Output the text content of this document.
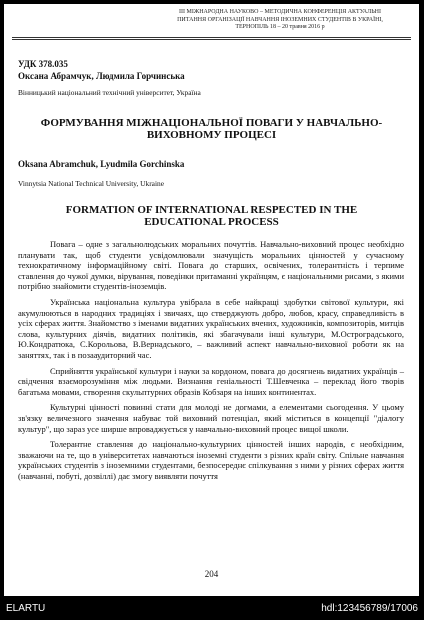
ІІІ МІЖНАРОДНА НАУКОВО – МЕТОДИЧНА КОНФЕРЕНЦІЯ АКТУАЛЬНІ
ПИТАННЯ ОРГАНІЗАЦІЇ НАВЧАННЯ ІНОЗЕМНИХ СТУДЕНТІВ В УКРАЇНІ,
ТЕРНОПІЛЬ 18 – 20 травня 2016 р

УДК 378.035

Оксана Абрамчук, Людмила Горчинська

Вінницький національний технічний університет, Україна

ФОРМУВАННЯ МІЖНАЦІОНАЛЬНОЇ ПОВАГИ У НАВЧАЛЬНО-ВИХОВНОМУ ПРОЦЕСІ

Oksana Abramchuk, Lyudmila Gorchinska

Vinnytsia National Technical University, Ukraine

FORMATION OF INTERNATIONAL RESPECTED IN THE EDUCATIONAL PROCESS

Повага – одне з загальнолюдських моральних почуттів. Навчально-виховний процес необхідно планувати так, щоб студенти усвідомлювали значущість моральних цінностей у сучасному технократичному інформаційному світі. Повага до старших, освічених, толерантність і терпиме ставлення до чужої думки, вірування, поведінки притаманні українцям, є національними рисами, з якими потрібно знайомити студентів-іноземців.

Українська національна культура увібрала в себе найкращі здобутки світової культури, які акумулюються в народних традиціях і звичаях, що стверджують добро, любов, красу, справедливість в усіх сферах життя. Знайомство з іменами видатних українських вчених, художників, композиторів, митців слова, культурних діячів, видатних політиків, які збагачували інші культури, М.Остроградського, Ю.Кондратюка, С.Корольова, В.Вернадського, – важливий аспект навчально-виховної роботи як на заняттях, так і в позааудиторний час.

Сприйняття української культури і науки за кордоном, повага до досягнень видатних українців – свідчення взаєморозуміння між людьми. Визнання геніальності Т.Шевченка – переклад його творів багатьма мовами, створення скульптурних образів Кобзаря на інших континентах.

Культурні цінності повинні стати для молоді не догмами, а елементами сьогодення. У цьому зв'язку величезного значення набуває той виховний потенціал, який міститься в концепції "діалогу культур", що зараз усе ширше впроваджується у навчально-виховний процес вищої школи.

Толерантне ставлення до національно-культурних цінностей інших народів, є необхідним, зважаючи на те, що в університетах навчаються іноземні студенти з різних країн світу. Спільне навчання українських студентів з іноземними студентами, безпосереднє спілкування з ними у різних сферах життя (навчанні, побуті, дозвіллі) дає змогу виявляти почуття

204
ELARTU	hdl:123456789/17006
